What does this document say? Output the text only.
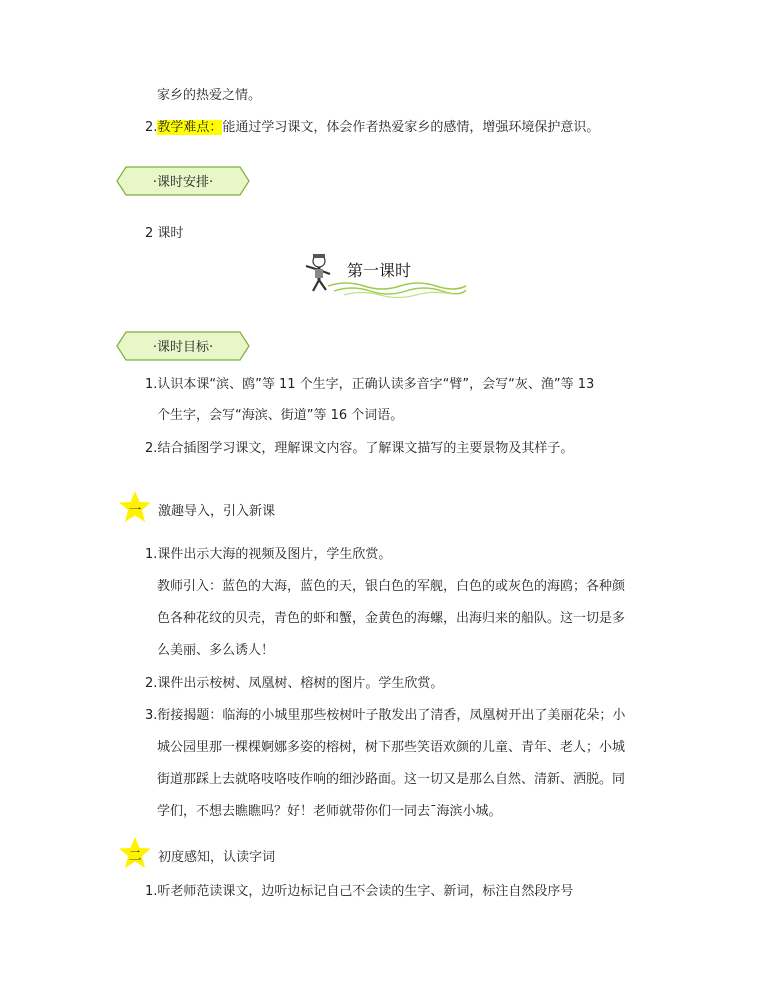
家乡的热爱之情。
2.教学难点：能通过学习课文，体会作者热爱家乡的感情，增强环境保护意识。
·课时安排·
2 课时
第一课时
·课时目标·
1.认识本课“滨、鸥”等 11 个生字，正确认读多音字“臂”，会写“灰、渔”等 13
个生字，会写“海滨、街道”等 16 个词语。
2.结合插图学习课文，理解课文内容。了解课文描写的主要景物及其样子。
一	激趣导入，引入新课
1.课件出示大海的视频及图片，学生欣赏。
教师引入：蓝色的大海，蓝色的天，银白色的军舰，白色的或灰色的海鸥；各种颜
色各种花纹的贝壳，青色的虾和蟹，金黄色的海螺，出海归来的船队。这一切是多
么美丽、多么诱人！
2.课件出示桉树、凤凰树、榕树的图片。学生欣赏。
3.衔接揭题：临海的小城里那些桉树叶子散发出了清香，凤凰树开出了美丽花朵；小
城公园里那一棵棵婀娜多姿的榕树，树下那些笑语欢颜的儿童、青年、老人；小城
街道那踩上去就咯吱咯吱作响的细沙路面。这一切又是那么自然、清新、洒脱。同
学们，不想去瞧瞧吗？好！老师就带你们一同去¯海滨小城。
二	初度感知，认读字词
1.听老师范读课文，边听边标记自己不会读的生字、新词，标注自然段序号
